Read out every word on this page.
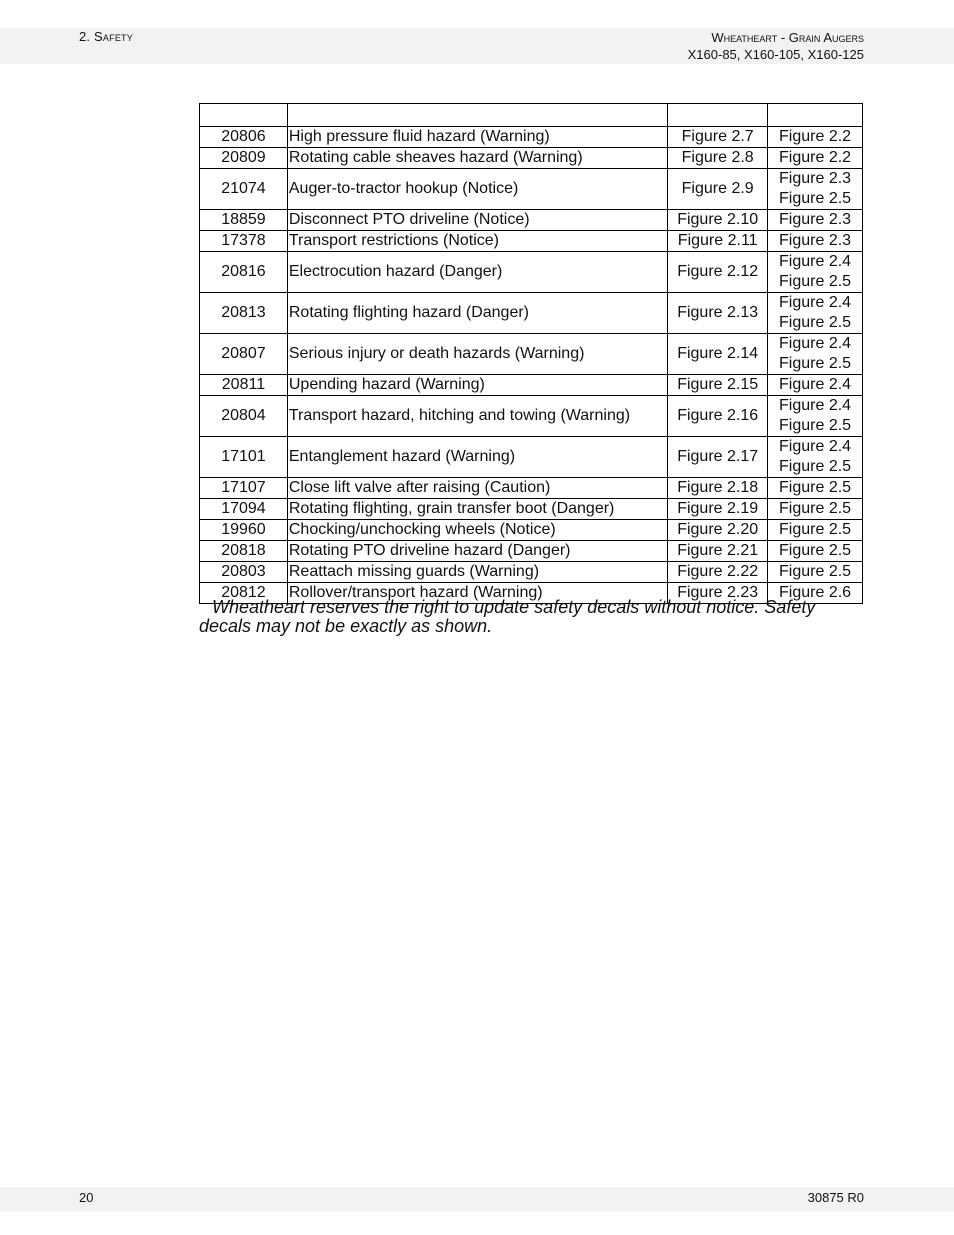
2. Safety	Wheatheart - Grain Augers
X160-85, X160-105, X160-125

20806	High pressure fluid hazard (Warning)	Figure 2.7	Figure 2.2

20809	Rotating cable sheaves hazard (Warning)	Figure 2.8	Figure 2.2

21074	Auger-to-tractor hookup (Notice)	Figure 2.9	Figure 2.3
Figure 2.5

18859	Disconnect PTO driveline (Notice)	Figure 2.10	Figure 2.3

17378	Transport restrictions (Notice)	Figure 2.11	Figure 2.3

20816	Electrocution hazard (Danger)	Figure 2.12	Figure 2.4
Figure 2.5

20813	Rotating flighting hazard (Danger)	Figure 2.13	Figure 2.4
Figure 2.5

20807	Serious injury or death hazards (Warning)	Figure 2.14	Figure 2.4
Figure 2.5

20811	Upending hazard (Warning)	Figure 2.15	Figure 2.4

20804	Transport hazard, hitching and towing (Warning)	Figure 2.16	Figure 2.4
Figure 2.5

17101	Entanglement hazard (Warning)	Figure 2.17	Figure 2.4
Figure 2.5

17107	Close lift valve after raising (Caution)	Figure 2.18	Figure 2.5

17094	Rotating flighting, grain transfer boot (Danger)	Figure 2.19	Figure 2.5

19960	Chocking/unchocking wheels (Notice)	Figure 2.20	Figure 2.5

20818	Rotating PTO driveline hazard (Danger)	Figure 2.21	Figure 2.5

20803	Reattach missing guards (Warning)	Figure 2.22	Figure 2.5

20812	Rollover/transport hazard (Warning)	Figure 2.23	Figure 2.6
Wheatheart reserves the right to update safety decals without notice. Safety decals may not be exactly as shown.
20	30875 R0
